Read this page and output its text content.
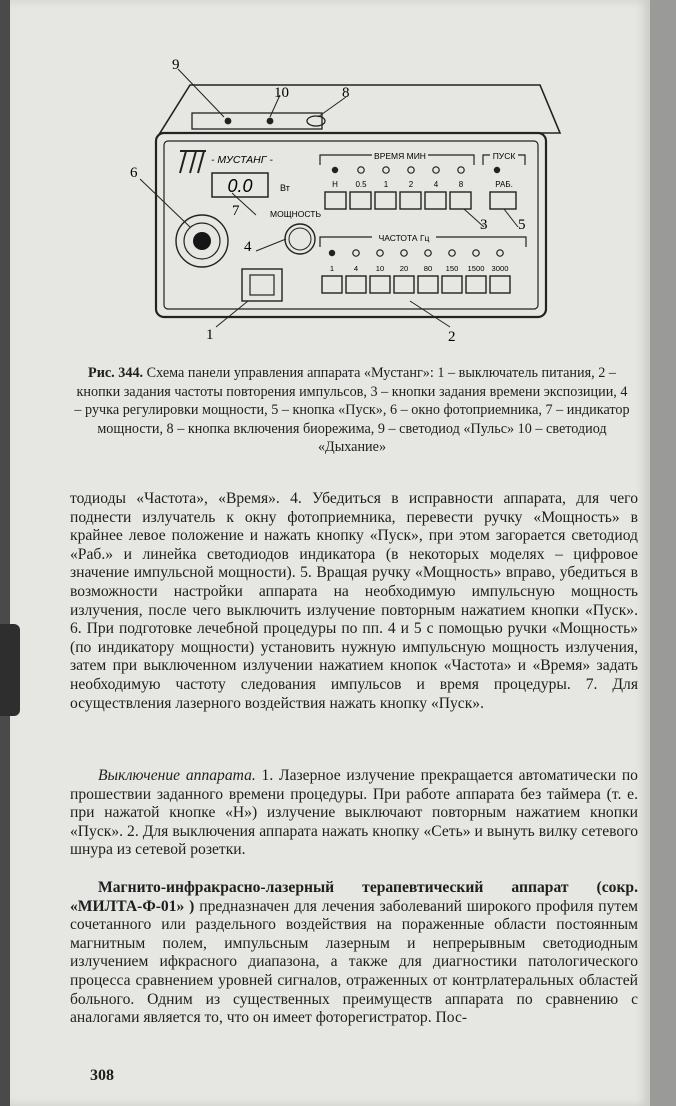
- МУСТАНГ -
0.0	Вт
МОЩНОСТЬ
ВРЕМЯ МИН
Н 0.5 1	2	4	8
ПУСК
РАБ.
ЧАСТОТА Гц
1	4 10 20 80 150 1500 3000
9
10	8
6
7
4
3 5
1	2

Рис. 344. Схема панели управления аппарата «Мустанг»: 1 – выключатель питания, 2 – кнопки задания частоты повторения импульсов, 3 – кнопки задания времени экспозиции, 4 – ручка регулировки мощности, 5 – кнопка «Пуск», 6 – окно фотоприемника, 7 – индикатор мощности, 8 – кнопка включения биорежима, 9 – светодиод «Пульс» 10 – светодиод «Дыхание»

тодиоды «Частота», «Время». 4. Убедиться в исправности аппарата, для чего поднести излучатель к окну фотоприемника, перевести ручку «Мощность» в крайнее левое положение и нажать кнопку «Пуск», при этом загорается светодиод «Раб.» и линейка светодиодов индикатора (в некоторых моделях – цифровое значение импульсной мощности). 5. Вращая ручку «Мощность» вправо, убедиться в возможности настройки аппарата на необходимую импульсную мощность излучения, после чего выключить излучение повторным нажатием кнопки «Пуск». 6. При подготовке лечебной процедуры по пп. 4 и 5 с помощью ручки «Мощность» (по индикатору мощности) установить нужную импульсную мощность излучения, затем при выключенном излучении нажатием кнопок «Частота» и «Время» задать необходимую частоту следования импульсов и время процедуры. 7. Для осуществления лазерного воздействия нажать кнопку «Пуск».

Выключение аппарата. 1. Лазерное излучение прекращается автоматически по прошествии заданного времени процедуры. При работе аппарата без таймера (т. е. при нажатой кнопке «Н») излучение выключают повторным нажатием кнопки «Пуск». 2. Для выключения аппарата нажать кнопку «Сеть» и вынуть вилку сетевого шнура из сетевой розетки.

Магнито-инфракрасно-лазерный терапевтический аппарат (сокр. «МИЛТА-Ф-01» ) предназначен для лечения заболеваний широкого профиля путем сочетанного или раздельного воздействия на пораженные области постоянным магнитным полем, импульсным лазерным и непрерывным светодиодным излучением ифкрасного диапазона, а также для диагностики патологического процесса сравнением уровней сигналов, отраженных от контрлатеральных областей больного. Одним из существенных преимуществ аппарата по сравнению с аналогами является то, что он имеет фоторегистратор. Пос-

308
